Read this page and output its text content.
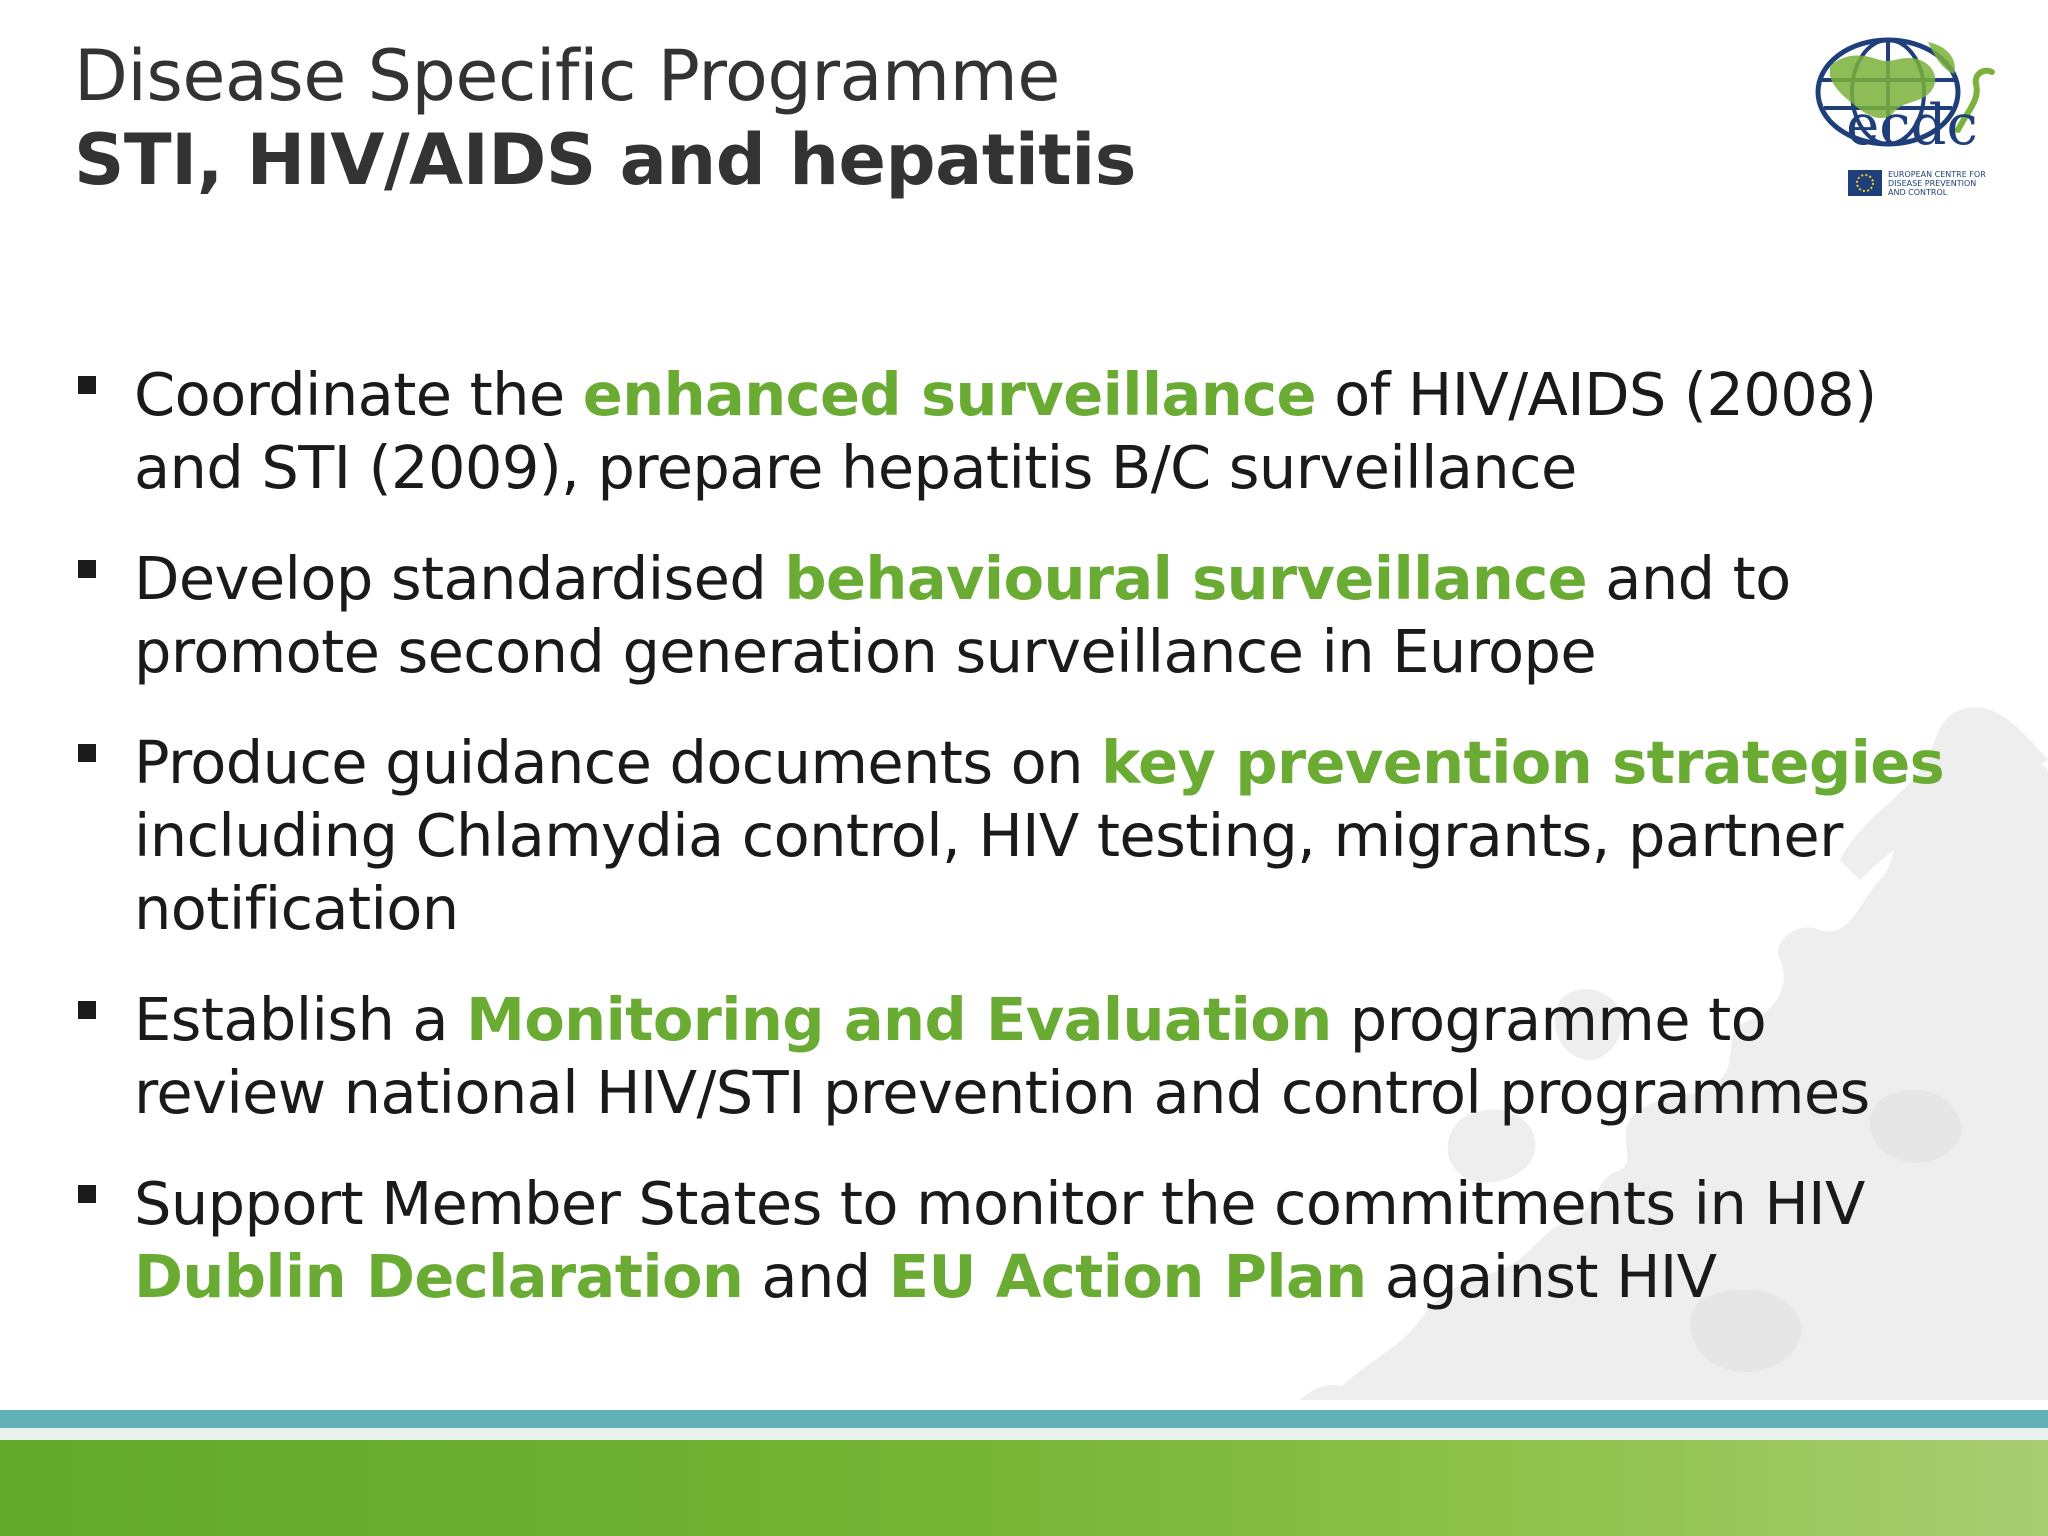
Disease Specific Programme
STI, HIV/AIDS and hepatitis	ecdc
EUROPEAN CENTRE FOR
DISEASE PREVENTION
AND CONTROL
Coordinate the enhanced surveillance of HIV/AIDS (2008) and STI (2009), prepare hepatitis B/C surveillance
Develop standardised behavioural surveillance and to promote second generation surveillance in Europe
Produce guidance documents on key prevention strategies including Chlamydia control, HIV testing, migrants, partner notification
Establish a Monitoring and Evaluation programme to review national HIV/STI prevention and control programmes
Support Member States to monitor the commitments in HIV Dublin Declaration and EU Action Plan against HIV
